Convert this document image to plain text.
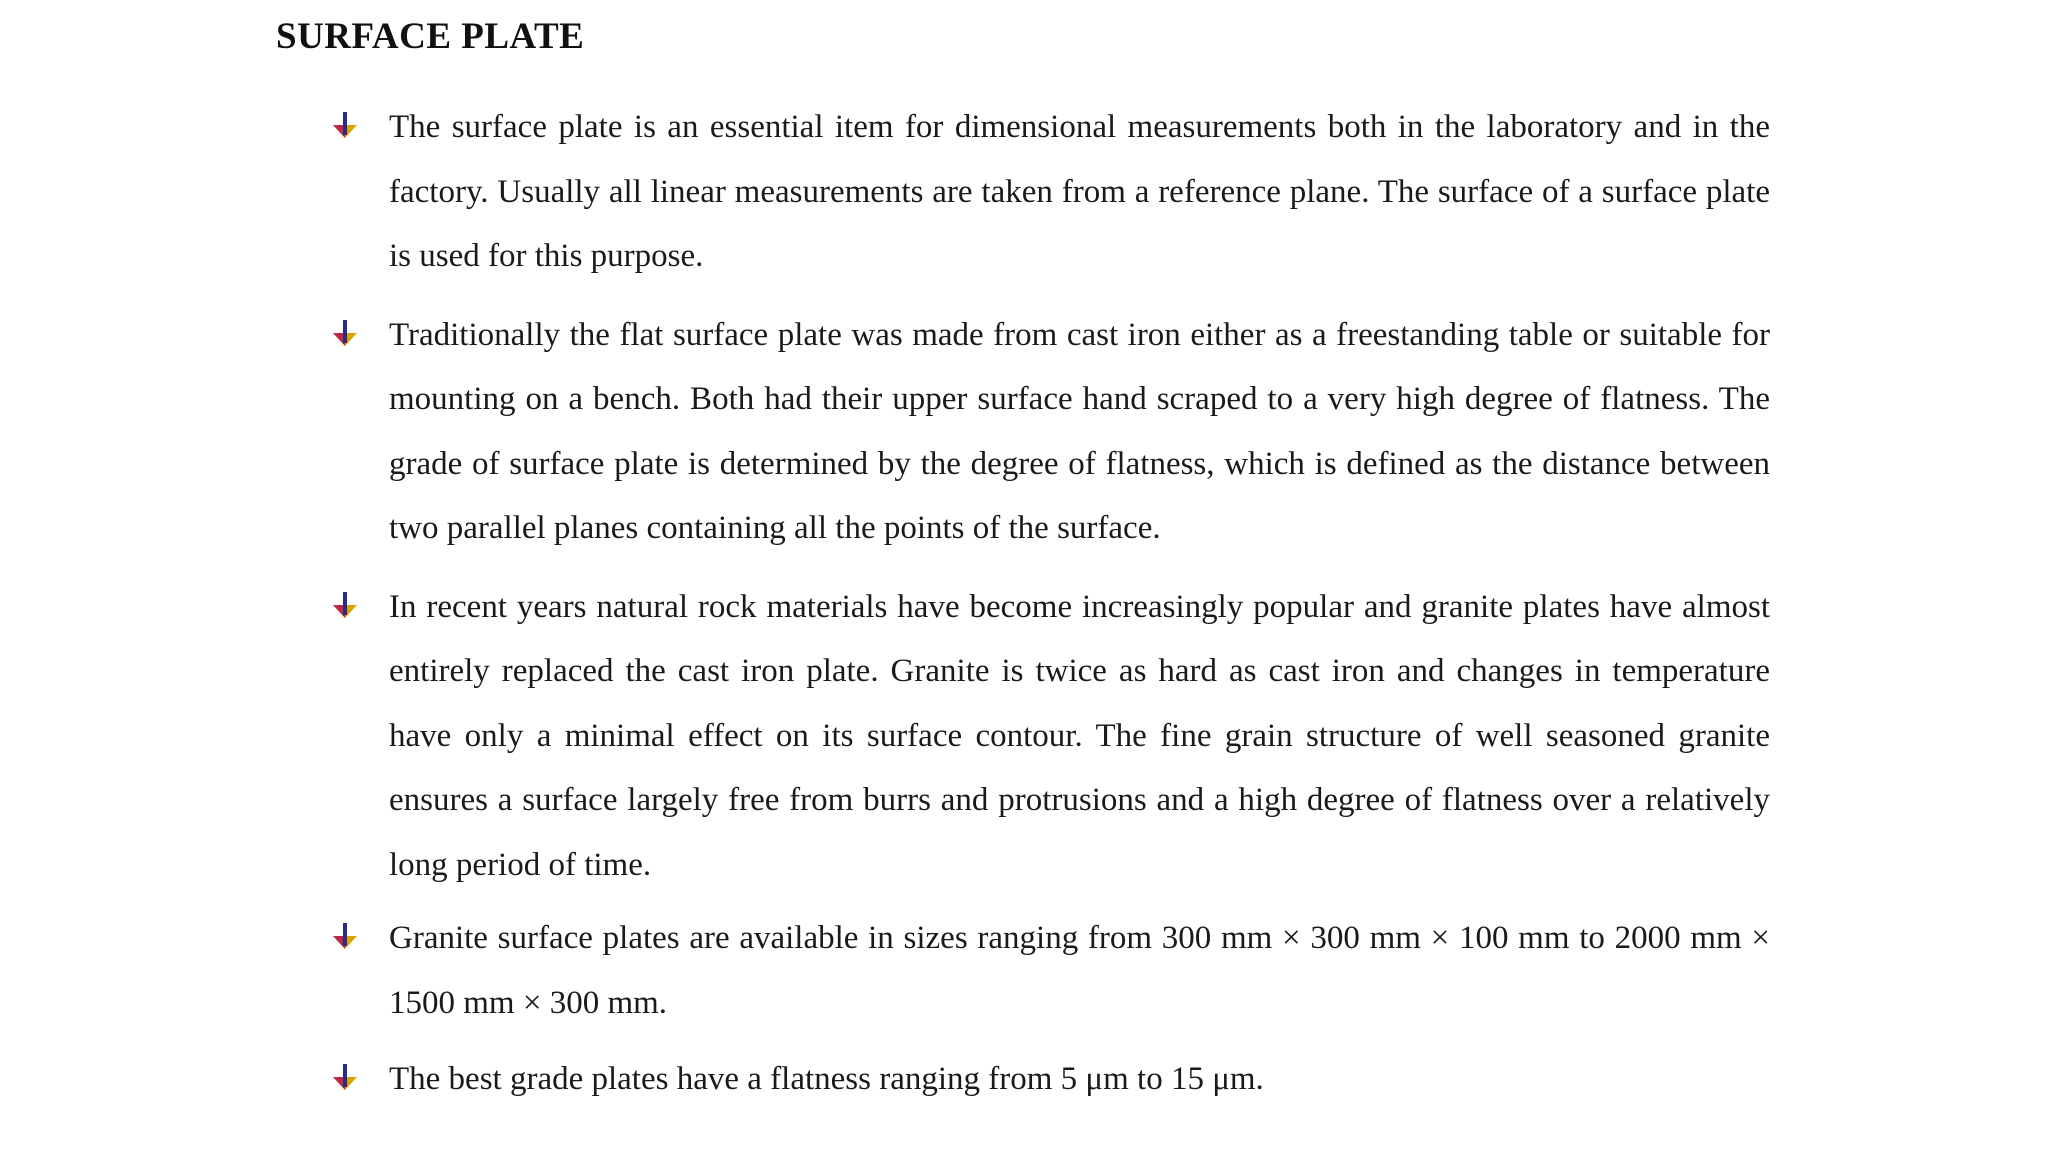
SURFACE PLATE
The surface plate is an essential item for dimensional measurements both in the laboratory and in the factory. Usually all linear measurements are taken from a reference plane. The surface of a surface plate is used for this purpose.
Traditionally the flat surface plate was made from cast iron either as a freestanding table or suitable for mounting on a bench. Both had their upper surface hand scraped to a very high degree of flatness. The grade of surface plate is determined by the degree of flatness, which is defined as the distance between two parallel planes containing all the points of the surface.
In recent years natural rock materials have become increasingly popular and granite plates have almost entirely replaced the cast iron plate. Granite is twice as hard as cast iron and changes in temperature have only a minimal effect on its surface contour. The fine grain structure of well seasoned granite ensures a surface largely free from burrs and protrusions and a high degree of flatness over a relatively long period of time.
Granite surface plates are available in sizes ranging from 300 mm × 300 mm × 100 mm to 2000 mm × 1500 mm × 300 mm.
The best grade plates have a flatness ranging from 5 μm to 15 μm.
